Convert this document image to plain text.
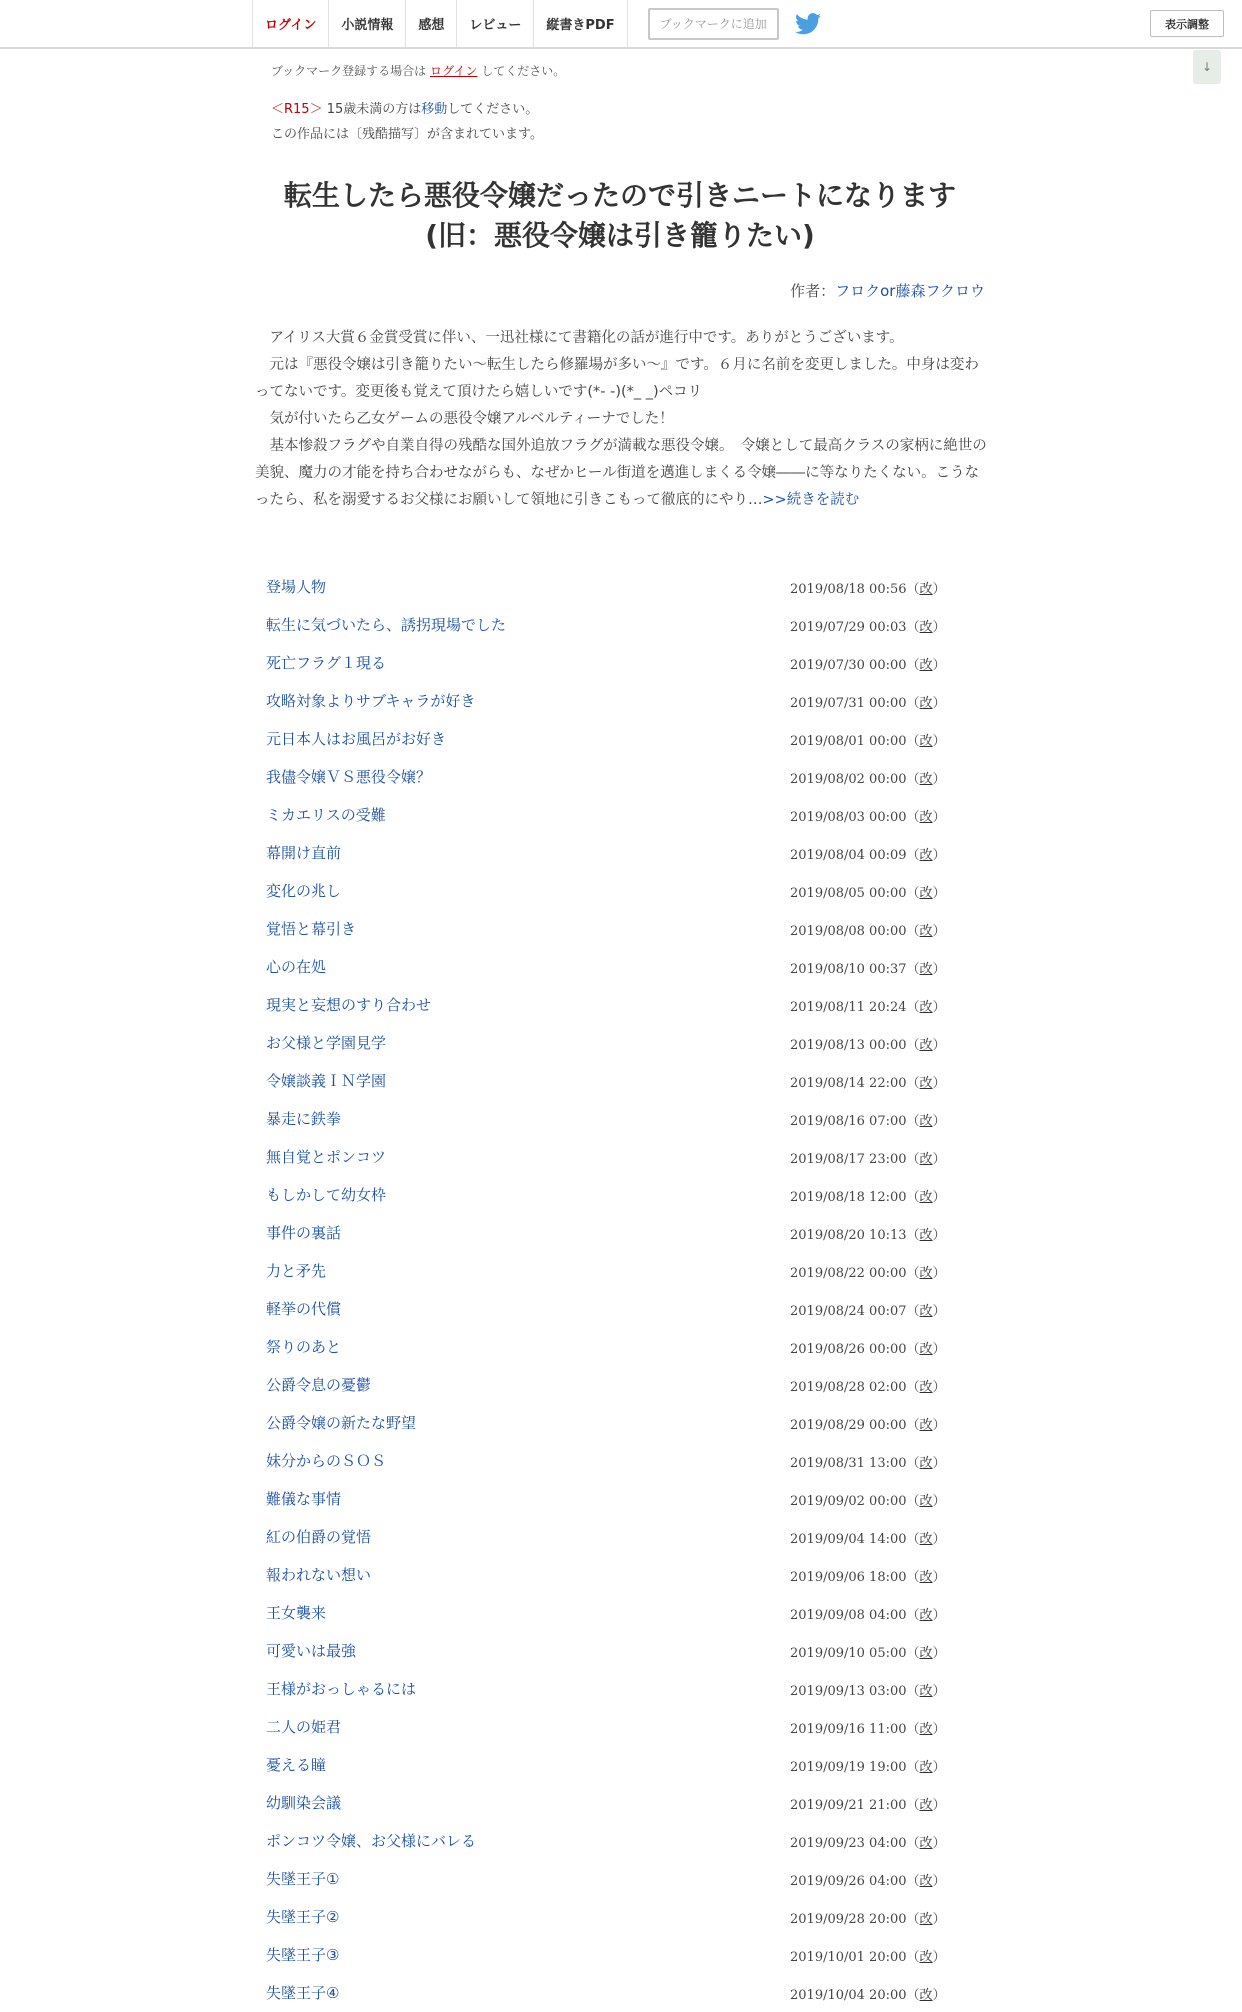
ログイン	小説情報	感想	レビュー	縦書きPDF	ブックマークに追加	表示調整
↓
ブックマーク登録する場合は ログイン してください。
＜R15＞ 15歳未満の方は移動してください。
この作品には〔残酷描写〕が含まれています。
転生したら悪役令嬢だったので引きニートになります
(旧：悪役令嬢は引き籠りたい)
作者：フロクor藤森フクロウ

　アイリス大賞６金賞受賞に伴い、一迅社様にて書籍化の話が進行中です。ありがとうございます。

　元は『悪役令嬢は引き籠りたい～転生したら修羅場が多い～』です。６月に名前を変更しました。中身は変わってないです。変更後も覚えて頂けたら嬉しいです(*- -)(*_ _)ペコリ

　気が付いたら乙女ゲームの悪役令嬢アルベルティーナでした！

　基本惨殺フラグや自業自得の残酷な国外追放フラグが満載な悪役令嬢。　令嬢として最高クラスの家柄に絶世の美貌、魔力の才能を持ち合わせながらも、なぜかヒール街道を邁進しまくる令嬢――に等なりたくない。こうなったら、私を溺愛するお父様にお願いして領地に引きこもって徹底的にやり…>>続きを読む

登場人物	2019/08/18 00:56（改）
転生に気づいたら、誘拐現場でした	2019/07/29 00:03（改）
死亡フラグ１現る	2019/07/30 00:00（改）
攻略対象よりサブキャラが好き	2019/07/31 00:00（改）
元日本人はお風呂がお好き	2019/08/01 00:00（改）
我儘令嬢ＶＳ悪役令嬢？	2019/08/02 00:00（改）
ミカエリスの受難	2019/08/03 00:00（改）
幕開け直前	2019/08/04 00:09（改）
変化の兆し	2019/08/05 00:00（改）
覚悟と幕引き	2019/08/08 00:00（改）
心の在処	2019/08/10 00:37（改）
現実と妄想のすり合わせ	2019/08/11 20:24（改）
お父様と学園見学	2019/08/13 00:00（改）
令嬢談義ＩＮ学園	2019/08/14 22:00（改）
暴走に鉄拳	2019/08/16 07:00（改）
無自覚とポンコツ	2019/08/17 23:00（改）
もしかして幼女枠	2019/08/18 12:00（改）
事件の裏話	2019/08/20 10:13（改）
力と矛先	2019/08/22 00:00（改）
軽挙の代償	2019/08/24 00:07（改）
祭りのあと	2019/08/26 00:00（改）
公爵令息の憂鬱	2019/08/28 02:00（改）
公爵令嬢の新たな野望	2019/08/29 00:00（改）
妹分からのＳＯＳ	2019/08/31 13:00（改）
難儀な事情	2019/09/02 00:00（改）
紅の伯爵の覚悟	2019/09/04 14:00（改）
報われない想い	2019/09/06 18:00（改）
王女襲来	2019/09/08 04:00（改）
可愛いは最強	2019/09/10 05:00（改）
王様がおっしゃるには	2019/09/13 03:00（改）
二人の姫君	2019/09/16 11:00（改）
憂える瞳	2019/09/19 19:00（改）
幼馴染会議	2019/09/21 21:00（改）
ポンコツ令嬢、お父様にバレる	2019/09/23 04:00（改）
失墜王子①	2019/09/26 04:00（改）
失墜王子②	2019/09/28 20:00（改）
失墜王子③	2019/10/01 20:00（改）
失墜王子④	2019/10/04 20:00（改）
